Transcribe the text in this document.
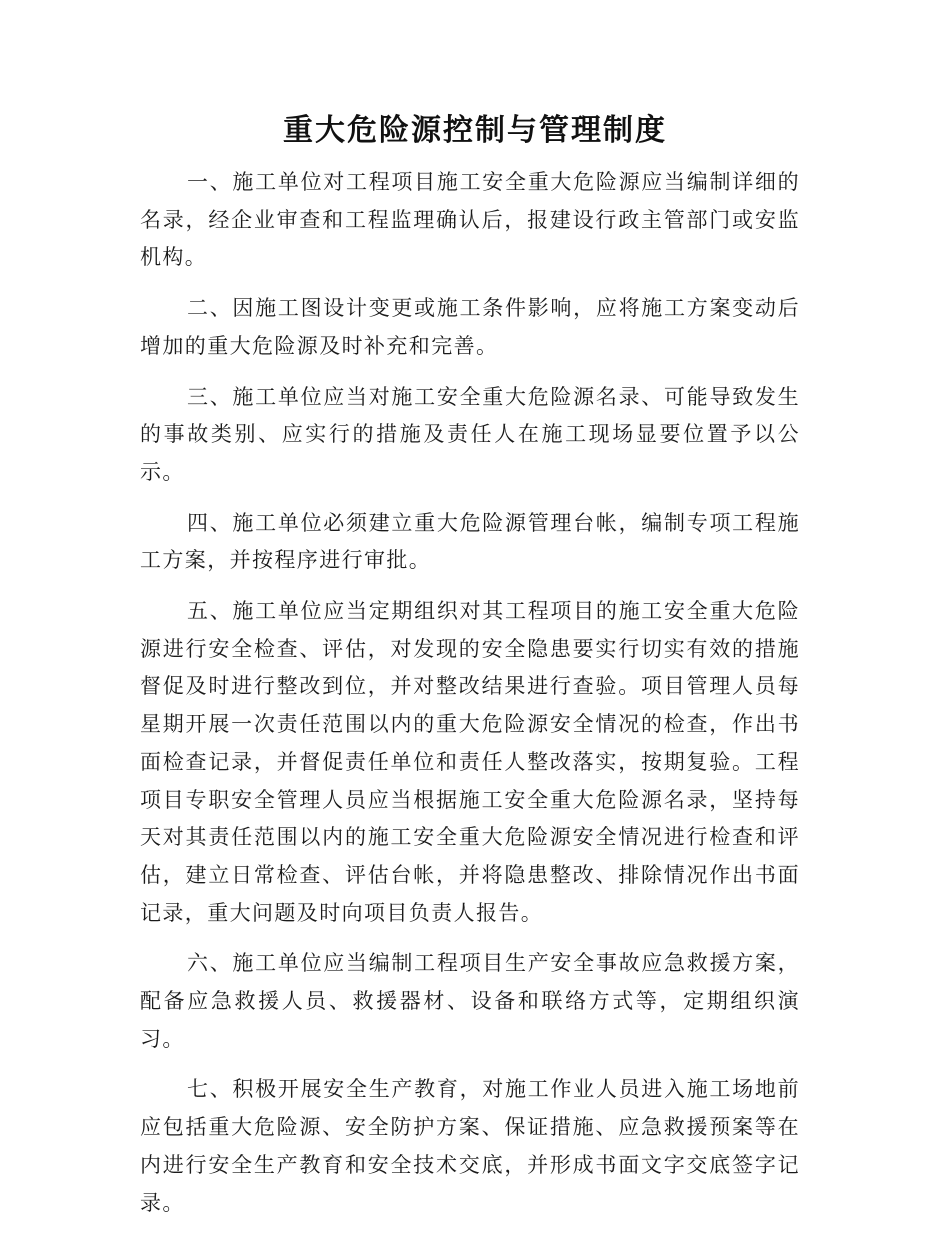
重大危险源控制与管理制度

一、施工单位对工程项目施工安全重大危险源应当编制详细的名录，经企业审查和工程监理确认后，报建设行政主管部门或安监机构。

二、因施工图设计变更或施工条件影响，应将施工方案变动后增加的重大危险源及时补充和完善。

三、施工单位应当对施工安全重大危险源名录、可能导致发生的事故类别、应实行的措施及责任人在施工现场显要位置予以公示。

四、施工单位必须建立重大危险源管理台帐，编制专项工程施工方案，并按程序进行审批。

五、施工单位应当定期组织对其工程项目的施工安全重大危险源进行安全检查、评估，对发现的安全隐患要实行切实有效的措施督促及时进行整改到位，并对整改结果进行查验。项目管理人员每星期开展一次责任范围以内的重大危险源安全情况的检查，作出书面检查记录，并督促责任单位和责任人整改落实，按期复验。工程项目专职安全管理人员应当根据施工安全重大危险源名录，坚持每天对其责任范围以内的施工安全重大危险源安全情况进行检查和评估，建立日常检查、评估台帐，并将隐患整改、排除情况作出书面记录，重大问题及时向项目负责人报告。

六、施工单位应当编制工程项目生产安全事故应急救援方案，配备应急救援人员、救援器材、设备和联络方式等，定期组织演习。

七、积极开展安全生产教育，对施工作业人员进入施工场地前应包括重大危险源、安全防护方案、保证措施、应急救援预案等在内进行安全生产教育和安全技术交底，并形成书面文字交底签字记录。
